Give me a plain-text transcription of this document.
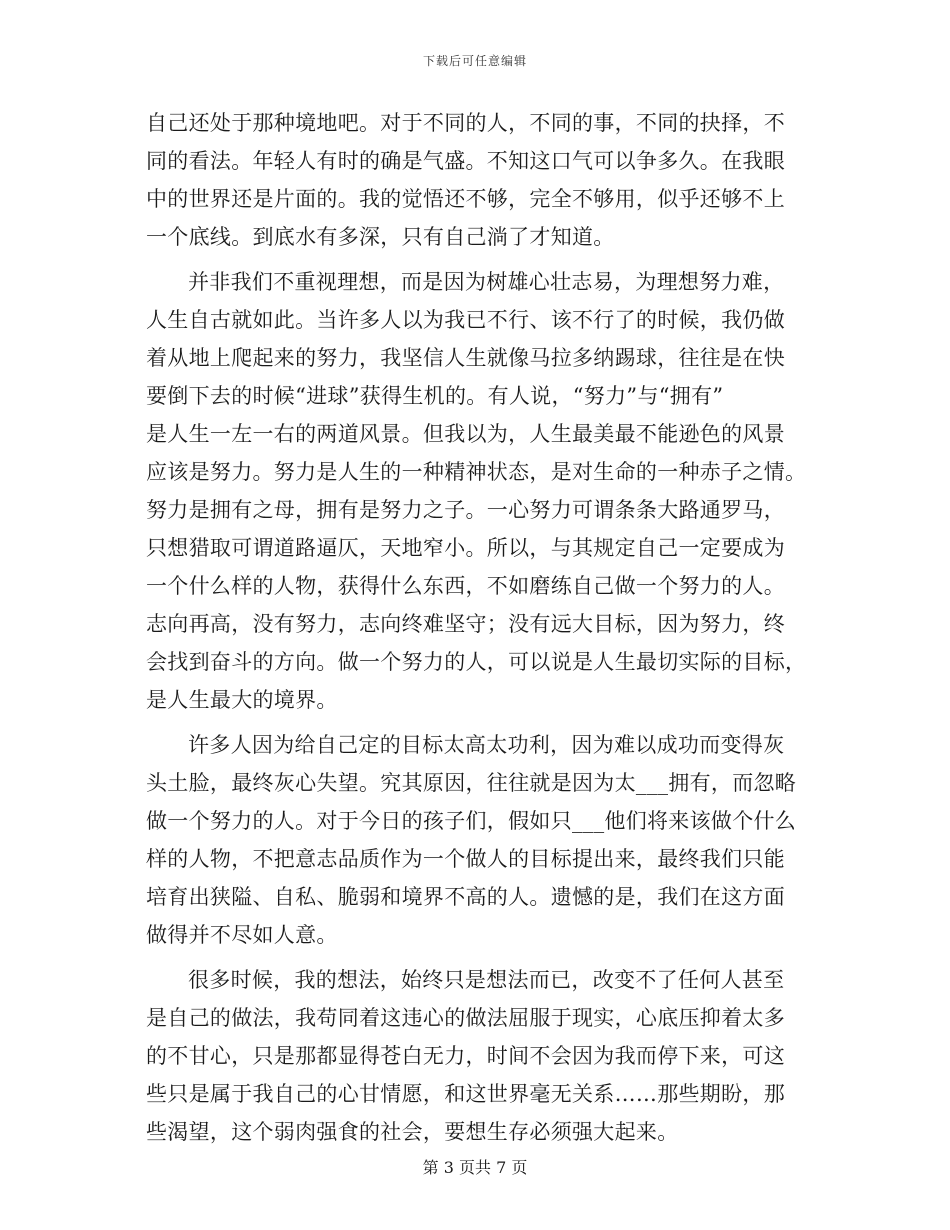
下载后可任意编辑
自己还处于那种境地吧。对于不同的人，不同的事，不同的抉择，不
同的看法。年轻人有时的确是气盛。不知这口气可以争多久。在我眼
中的世界还是片面的。我的觉悟还不够，完全不够用，似乎还够不上
一个底线。到底水有多深，只有自己淌了才知道。
并非我们不重视理想，而是因为树雄心壮志易，为理想努力难，
人生自古就如此。当许多人以为我已不行、该不行了的时候，我仍做
着从地上爬起来的努力，我坚信人生就像马拉多纳踢球，往往是在快
要倒下去的时候“进球”获得生机的。有人说，“努力”与“拥有”
是人生一左一右的两道风景。但我以为，人生最美最不能逊色的风景
应该是努力。努力是人生的一种精神状态，是对生命的一种赤子之情。
努力是拥有之母，拥有是努力之子。一心努力可谓条条大路通罗马，
只想猎取可谓道路逼仄，天地窄小。所以，与其规定自己一定要成为
一个什么样的人物，获得什么东西，不如磨练自己做一个努力的人。
志向再高，没有努力，志向终难坚守；没有远大目标，因为努力，终
会找到奋斗的方向。做一个努力的人，可以说是人生最切实际的目标，
是人生最大的境界。
许多人因为给自己定的目标太高太功利，因为难以成功而变得灰
头土脸，最终灰心失望。究其原因，往往就是因为太___拥有，而忽略
做一个努力的人。对于今日的孩子们，假如只___他们将来该做个什么
样的人物，不把意志品质作为一个做人的目标提出来，最终我们只能
培育出狭隘、自私、脆弱和境界不高的人。遗憾的是，我们在这方面
做得并不尽如人意。
很多时候，我的想法，始终只是想法而已，改变不了任何人甚至
是自己的做法，我苟同着这违心的做法屈服于现实，心底压抑着太多
的不甘心，只是那都显得苍白无力，时间不会因为我而停下来，可这
些只是属于我自己的心甘情愿，和这世界毫无关系……那些期盼，那
些渴望，这个弱肉强食的社会，要想生存必须强大起来。
第 3 页共 7 页
